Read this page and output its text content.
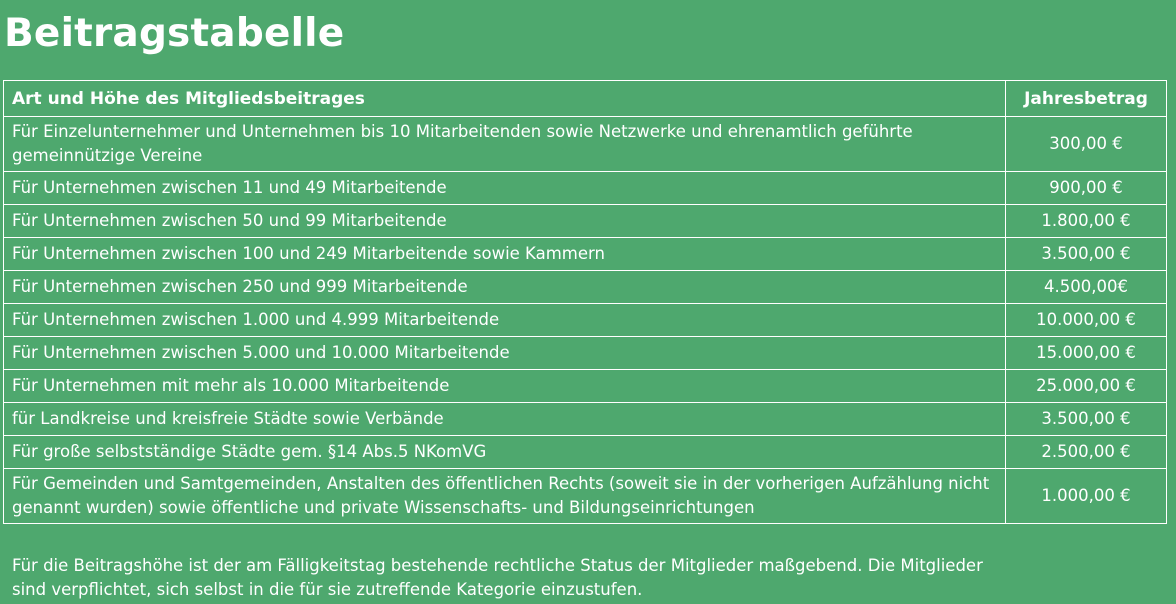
Beitragstabelle
Art und Höhe des Mitgliedsbeitrages	Jahresbetrag
Für Einzelunternehmer und Unternehmen bis 10 Mitarbeitenden sowie Netzwerke und ehrenamtlich geführte gemeinnützige Vereine	300,00 €
Für Unternehmen zwischen 11 und 49 Mitarbeitende	900,00 €
Für Unternehmen zwischen 50 und 99 Mitarbeitende	1.800,00 €
Für Unternehmen zwischen 100 und 249 Mitarbeitende sowie Kammern	3.500,00 €
Für Unternehmen zwischen 250 und 999 Mitarbeitende	4.500,00€
Für Unternehmen zwischen 1.000 und 4.999 Mitarbeitende	10.000,00 €
Für Unternehmen zwischen 5.000 und 10.000 Mitarbeitende	15.000,00 €
Für Unternehmen mit mehr als 10.000 Mitarbeitende	25.000,00 €
für Landkreise und kreisfreie Städte sowie Verbände	3.500,00 €
Für große selbstständige Städte gem. §14 Abs.5 NKomVG	2.500,00 €
Für Gemeinden und Samtgemeinden, Anstalten des öffentlichen Rechts (soweit sie in der vorherigen Aufzählung nicht genannt wurden) sowie öffentliche und private Wissenschafts- und Bildungseinrichtungen	1.000,00 €

Für die Beitragshöhe ist der am Fälligkeitstag bestehende rechtliche Status der Mitglieder maßgebend. Die Mitglieder sind verpflichtet, sich selbst in die für sie zutreffende Kategorie einzustufen.
